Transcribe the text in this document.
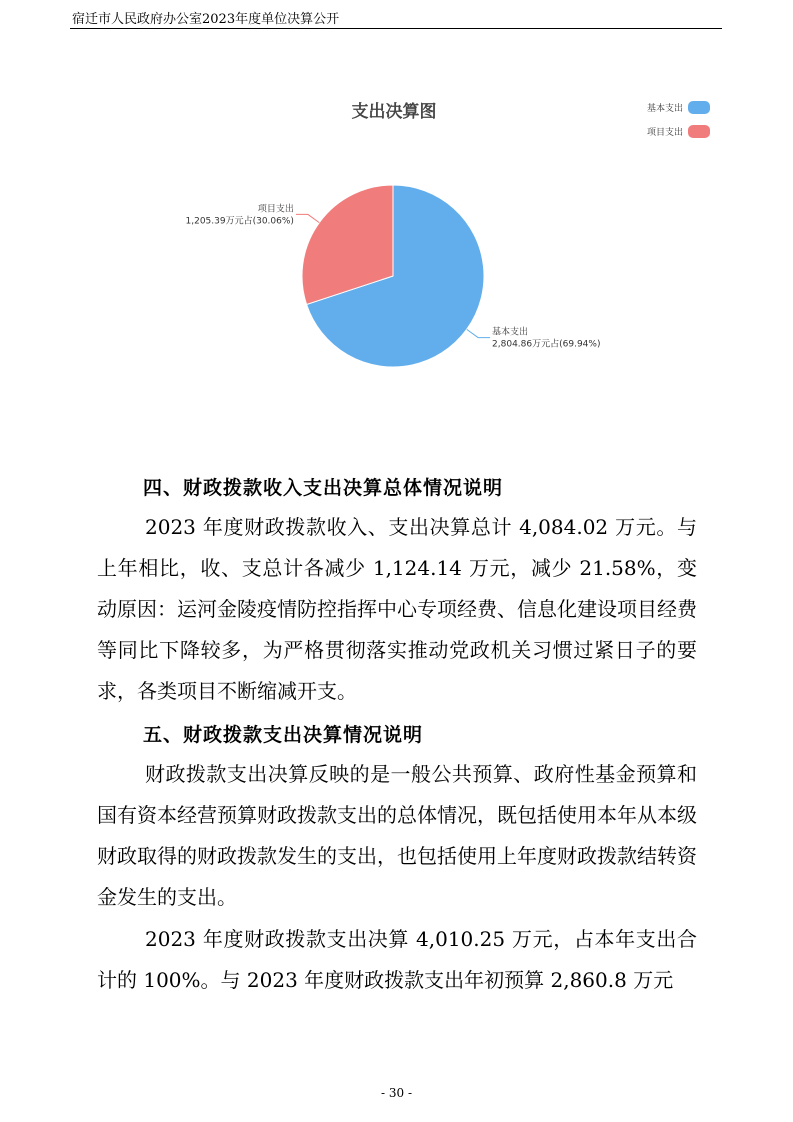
宿迁市人民政府办公室2023年度单位决算公开
支出决算图	基本支出
项目支出
基本支出
2,804.86万元占(69.94%)
项目支出
1,205.39万元占(30.06%)
四、财政拨款收入支出决算总体情况说明
2023 年度财政拨款收入、支出决算总计 4,084.02 万元。与上年相比，收、支总计各减少 1,124.14 万元，减少 21.58%，变动原因：运河金陵疫情防控指挥中心专项经费、信息化建设项目经费等同比下降较多，为严格贯彻落实推动党政机关习惯过紧日子的要求，各类项目不断缩减开支。
五、财政拨款支出决算情况说明
财政拨款支出决算反映的是一般公共预算、政府性基金预算和国有资本经营预算财政拨款支出的总体情况，既包括使用本年从本级财政取得的财政拨款发生的支出，也包括使用上年度财政拨款结转资金发生的支出。
2023 年度财政拨款支出决算 4,010.25 万元，占本年支出合计的 100%。与 2023 年度财政拨款支出年初预算 2,860.8 万元
- 30 -
